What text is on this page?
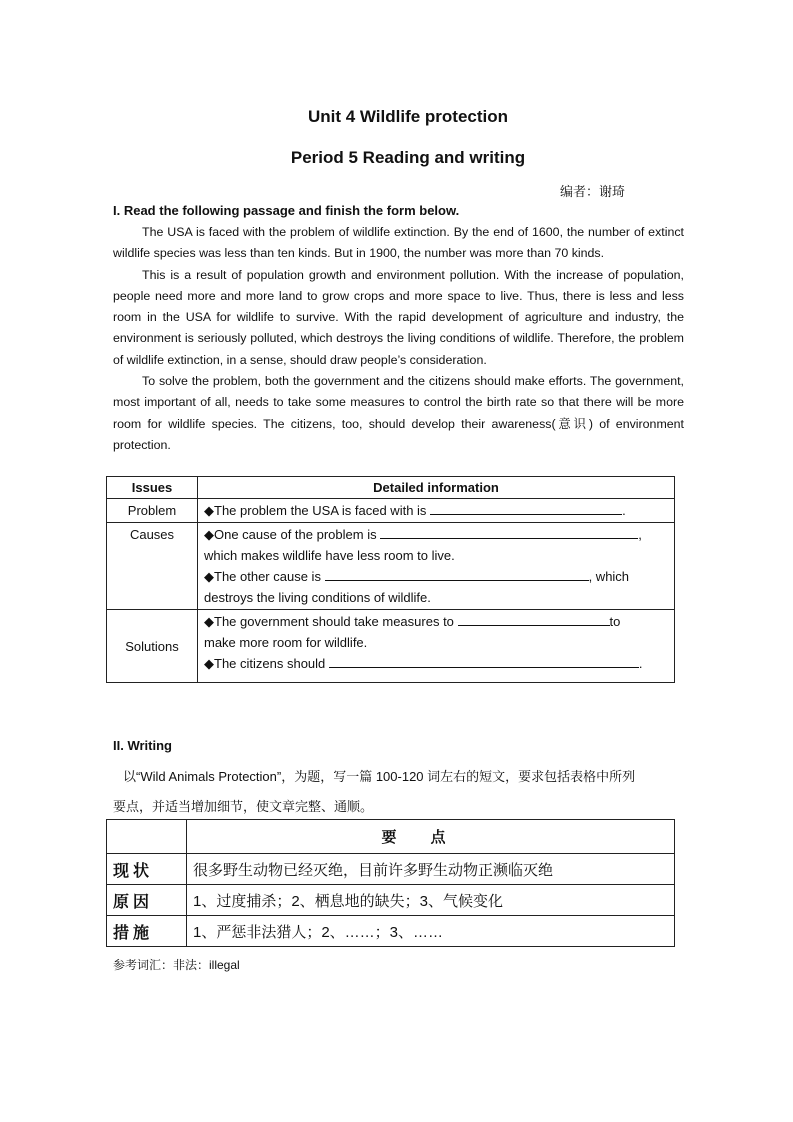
Unit 4 Wildlife protection
Period 5 Reading and writing
编者：谢琦
I. Read the following passage and finish the form below.

The USA is faced with the problem of wildlife extinction. By the end of 1600, the number of extinct wildlife species was less than ten kinds. But in 1900, the number was more than 70 kinds.

This is a result of population growth and environment pollution. With the increase of population, people need more and more land to grow crops and more space to live. Thus, there is less and less room in the USA for wildlife to survive. With the rapid development of agriculture and industry, the environment is seriously polluted, which destroys the living conditions of wildlife. Therefore, the problem of wildlife extinction, in a sense, should draw people’s consideration.

To solve the problem, both the government and the citizens should make efforts. The government, most important of all, needs to take some measures to control the birth rate so that there will be more room for wildlife species. The citizens, too, should develop their awareness(意识) of environment protection.

Issues	Detailed information
Problem	◆The problem the USA is faced with is .
Causes	◆One cause of the problem is ,
which makes wildlife have less room to live.
◆The other cause is , which
destroys the living conditions of wildlife.
Solutions	◆The government should take measures to to
make more room for wildlife.
◆The citizens should .
II. Writing

以“Wild Animals Protection”，为题，写一篇 100-120 词左右的短文，要求包括表格中所列

要点，并适当增加细节，使文章完整、通顺。

	要点
现状	很多野生动物已经灭绝，目前许多野生动物正濒临灭绝
原因	1、过度捕杀；2、栖息地的缺失；3、气候变化
措施	1、严惩非法猎人；2、……；3、……
参考词汇：非法：illegal
